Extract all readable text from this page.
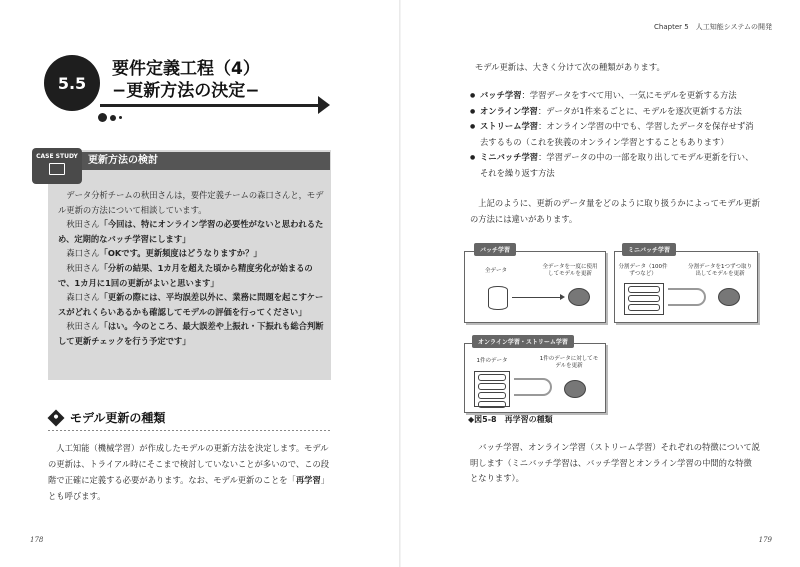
5.5
要件定義工程（4）
−更新方法の決定−
CASE STUDY	更新方法の検討

データ分析チームの秋田さんは，要件定義チームの森口さんと，モデル更新の方法について相談しています。

　秋田さん「今回は、特にオンライン学習の必要性がないと思われるため、定期的なバッチ学習にします」

　森口さん「OKです。更新頻度はどうなりますか？」

　秋田さん「分析の結果、1カ月を超えた頃から精度劣化が始まるので、1カ月に1回の更新がよいと思います」

　森口さん「更新の際には、平均誤差以外に、業務に問題を起こすケースがどれくらいあるかも確認してモデルの評価を行ってください」

　秋田さん「はい。今のところ、最大誤差や上振れ・下振れも総合判断して更新チェックを行う予定です」

モデル更新の種類

人工知能（機械学習）が作成したモデルの更新方法を決定します。モデルの更新は、トライアル時にそこまで検討していないことが多いので、この段階で正確に定義する必要があります。なお、モデル更新のことを「再学習」とも呼びます。

178
Chapter 5　人工知能システムの開発
モデル更新は、大きく分けて次の種類があります。
● バッチ学習：学習データをすべて用い、一気にモデルを更新する方法
● オンライン学習：データが1件来るごとに、モデルを逐次更新する方法
● ストリーム学習：オンライン学習の中でも、学習したデータを保存せず消去するもの（これを狭義のオンライン学習とすることもあります）
● ミニバッチ学習：学習データの中の一部を取り出してモデル更新を行い、それを繰り返す方法

上記のように、更新のデータ量をどのように取り扱うかによってモデル更新の方法には違いがあります。

バッチ学習
全データ
全データを一度に使用してモデルを更新
ミニバッチ学習
分割データ（100件ずつなど）
分割データを1つずつ取り出してモデルを更新
オンライン学習・ストリーム学習
1件のデータ	1件のデータに対してモデルを更新
◆図5-8　再学習の種類

バッチ学習、オンライン学習（ストリーム学習）それぞれの特徴について説明します（ミニバッチ学習は、バッチ学習とオンライン学習の中間的な特徴となります）。

179
